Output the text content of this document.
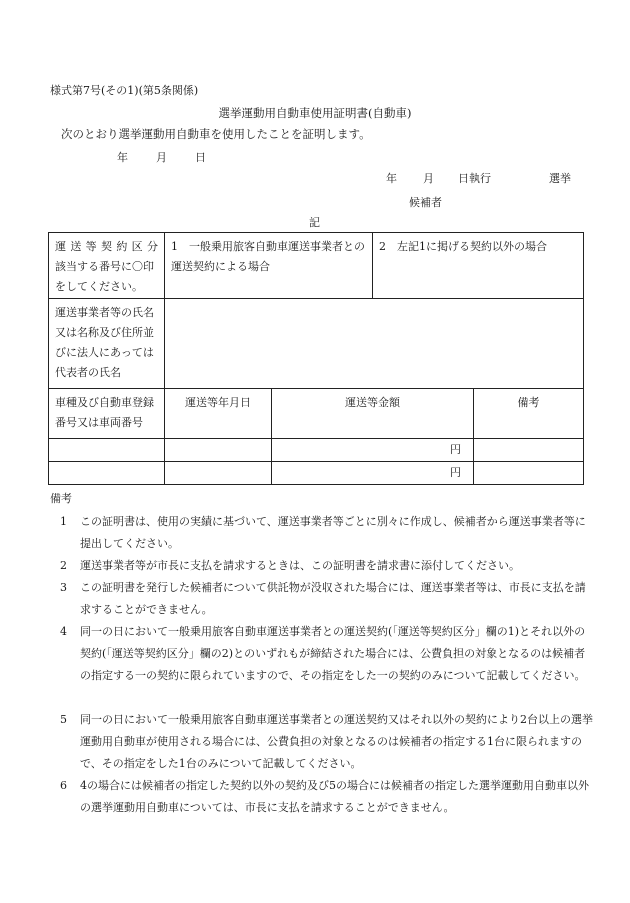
様式第7号(その1)(第5条関係)
選挙運動用自動車使用証明書(自動車)
次のとおり選挙運動用自動車を使用したことを証明します。
年	月	日
年 月 日執行	選挙
候補者
記
運送等契約区分
該当する番号に〇印
をしてください。	1　一般乗用旅客自動車運送事業者との運送契約による場合		2　左記1に掲げる契約以外の場合	

運送事業者等の氏名
又は名称及び住所並
びに法人にあっては
代表者の氏名				

車種及び自動車登録
番号又は車両番号	運送等年月日	運送等金額		備考

		円		

		円		

備考
1 この証明書は、使用の実績に基づいて、運送事業者等ごとに別々に作成し、候補者から運送事業者等に提出してください。
2 運送事業者等が市長に支払を請求するときは、この証明書を請求書に添付してください。
3 この証明書を発行した候補者について供託物が没収された場合には、運送事業者等は、市長に支払を請求することができません。
4 同一の日において一般乗用旅客自動車運送事業者との運送契約(「運送等契約区分」欄の1)とそれ以外の契約(「運送等契約区分」欄の2)とのいずれもが締結された場合には、公費負担の対象となるのは候補者の指定する一の契約に限られていますので、その指定をした一の契約のみについて記載してください。
5 同一の日において一般乗用旅客自動車運送事業者との運送契約又はそれ以外の契約により2台以上の選挙運動用自動車が使用される場合には、公費負担の対象となるのは候補者の指定する1台に限られますので、その指定をした1台のみについて記載してください。
6 4の場合には候補者の指定した契約以外の契約及び5の場合には候補者の指定した選挙運動用自動車以外の選挙運動用自動車については、市長に支払を請求することができません。
